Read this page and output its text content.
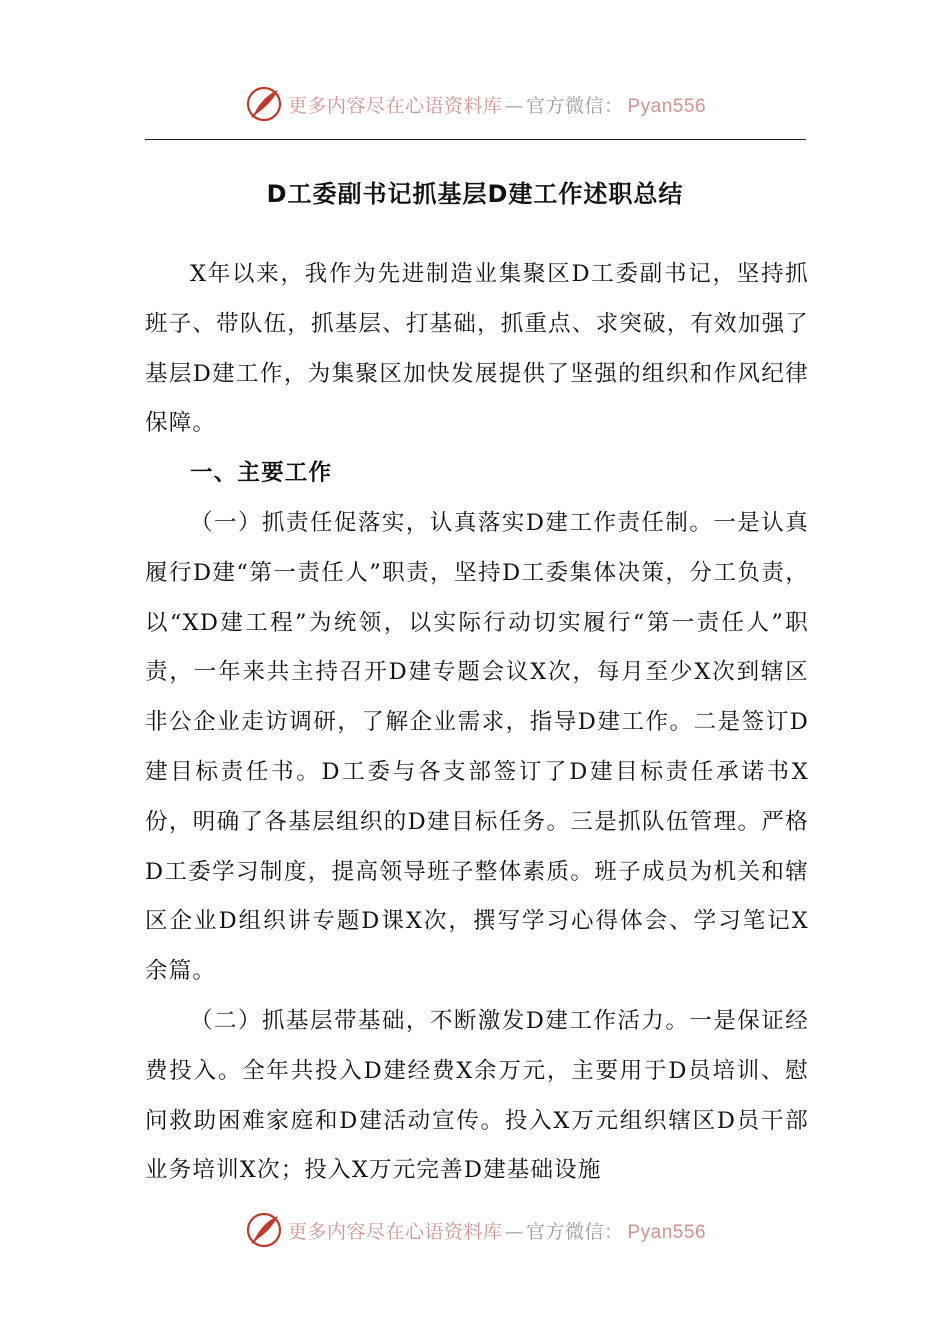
更多内容尽在心语资料库 — 官方微信： Pyan556
D工委副书记抓基层D建工作述职总结

X年以来，我作为先进制造业集聚区D工委副书记，坚持抓班子、带队伍，抓基层、打基础，抓重点、求突破，有效加强了基层D建工作，为集聚区加快发展提供了坚强的组织和作风纪律保障。

一、主要工作

（一）抓责任促落实，认真落实D建工作责任制。一是认真履行D建“第一责任人”职责，坚持D工委集体决策，分工负责，以“XD建工程”为统领，以实际行动切实履行“第一责任人”职责，一年来共主持召开D建专题会议X次，每月至少X次到辖区非公企业走访调研，了解企业需求，指导D建工作。二是签订D建目标责任书。D工委与各支部签订了D建目标责任承诺书X份，明确了各基层组织的D建目标任务。三是抓队伍管理。严格D工委学习制度，提高领导班子整体素质。班子成员为机关和辖区企业D组织讲专题D课X次，撰写学习心得体会、学习笔记X余篇。

（二）抓基层带基础，不断激发D建工作活力。一是保证经费投入。全年共投入D建经费X余万元，主要用于D员培训、慰问救助困难家庭和D建活动宣传。投入X万元组织辖区D员干部业务培训X次；投入X万元完善D建基础设施

更多内容尽在心语资料库 — 官方微信： Pyan556
